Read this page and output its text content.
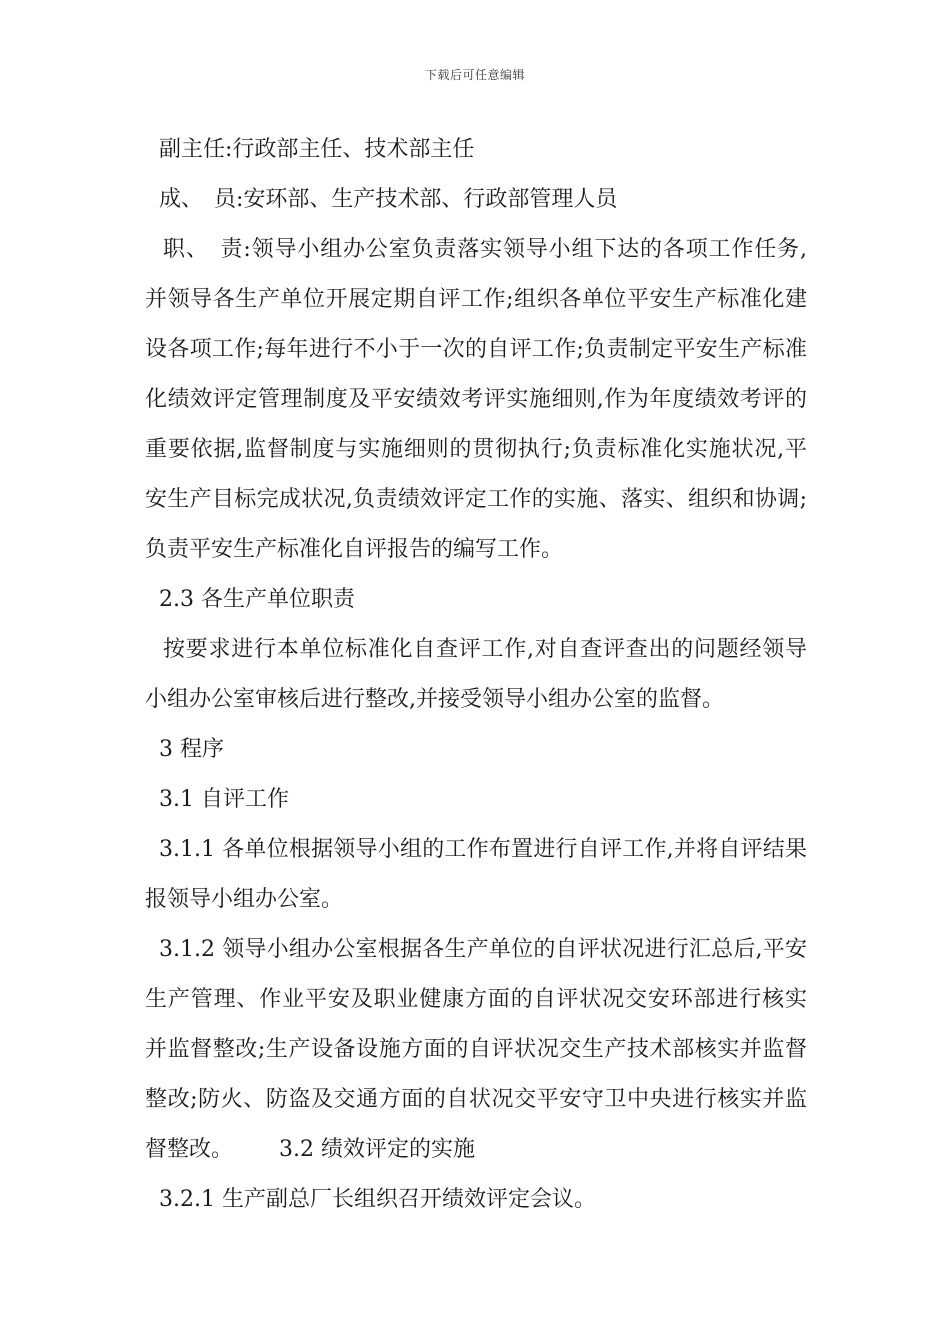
下载后可任意编辑
副主任:行政部主任、技术部主任
成、　员:安环部、生产技术部、行政部管理人员
职、　责:领导小组办公室负责落实领导小组下达的各项工作任务,
并领导各生产单位开展定期自评工作;组织各单位平安生产标准化建
设各项工作;每年进行不小于一次的自评工作;负责制定平安生产标准
化绩效评定管理制度及平安绩效考评实施细则,作为年度绩效考评的
重要依据,监督制度与实施细则的贯彻执行;负责标准化实施状况,平
安生产目标完成状况,负责绩效评定工作的实施、落实、组织和协调;
负责平安生产标准化自评报告的编写工作。
2.3 各生产单位职责
按要求进行本单位标准化自查评工作,对自查评查出的问题经领导
小组办公室审核后进行整改,并接受领导小组办公室的监督。
3 程序
3.1 自评工作
3.1.1 各单位根据领导小组的工作布置进行自评工作,并将自评结果
报领导小组办公室。
3.1.2 领导小组办公室根据各生产单位的自评状况进行汇总后,平安
生产管理、作业平安及职业健康方面的自评状况交安环部进行核实
并监督整改;生产设备设施方面的自评状况交生产技术部核实并监督
整改;防火、防盗及交通方面的自状况交平安守卫中央进行核实并监
督整改。 3.2 绩效评定的实施
3.2.1 生产副总厂长组织召开绩效评定会议。
